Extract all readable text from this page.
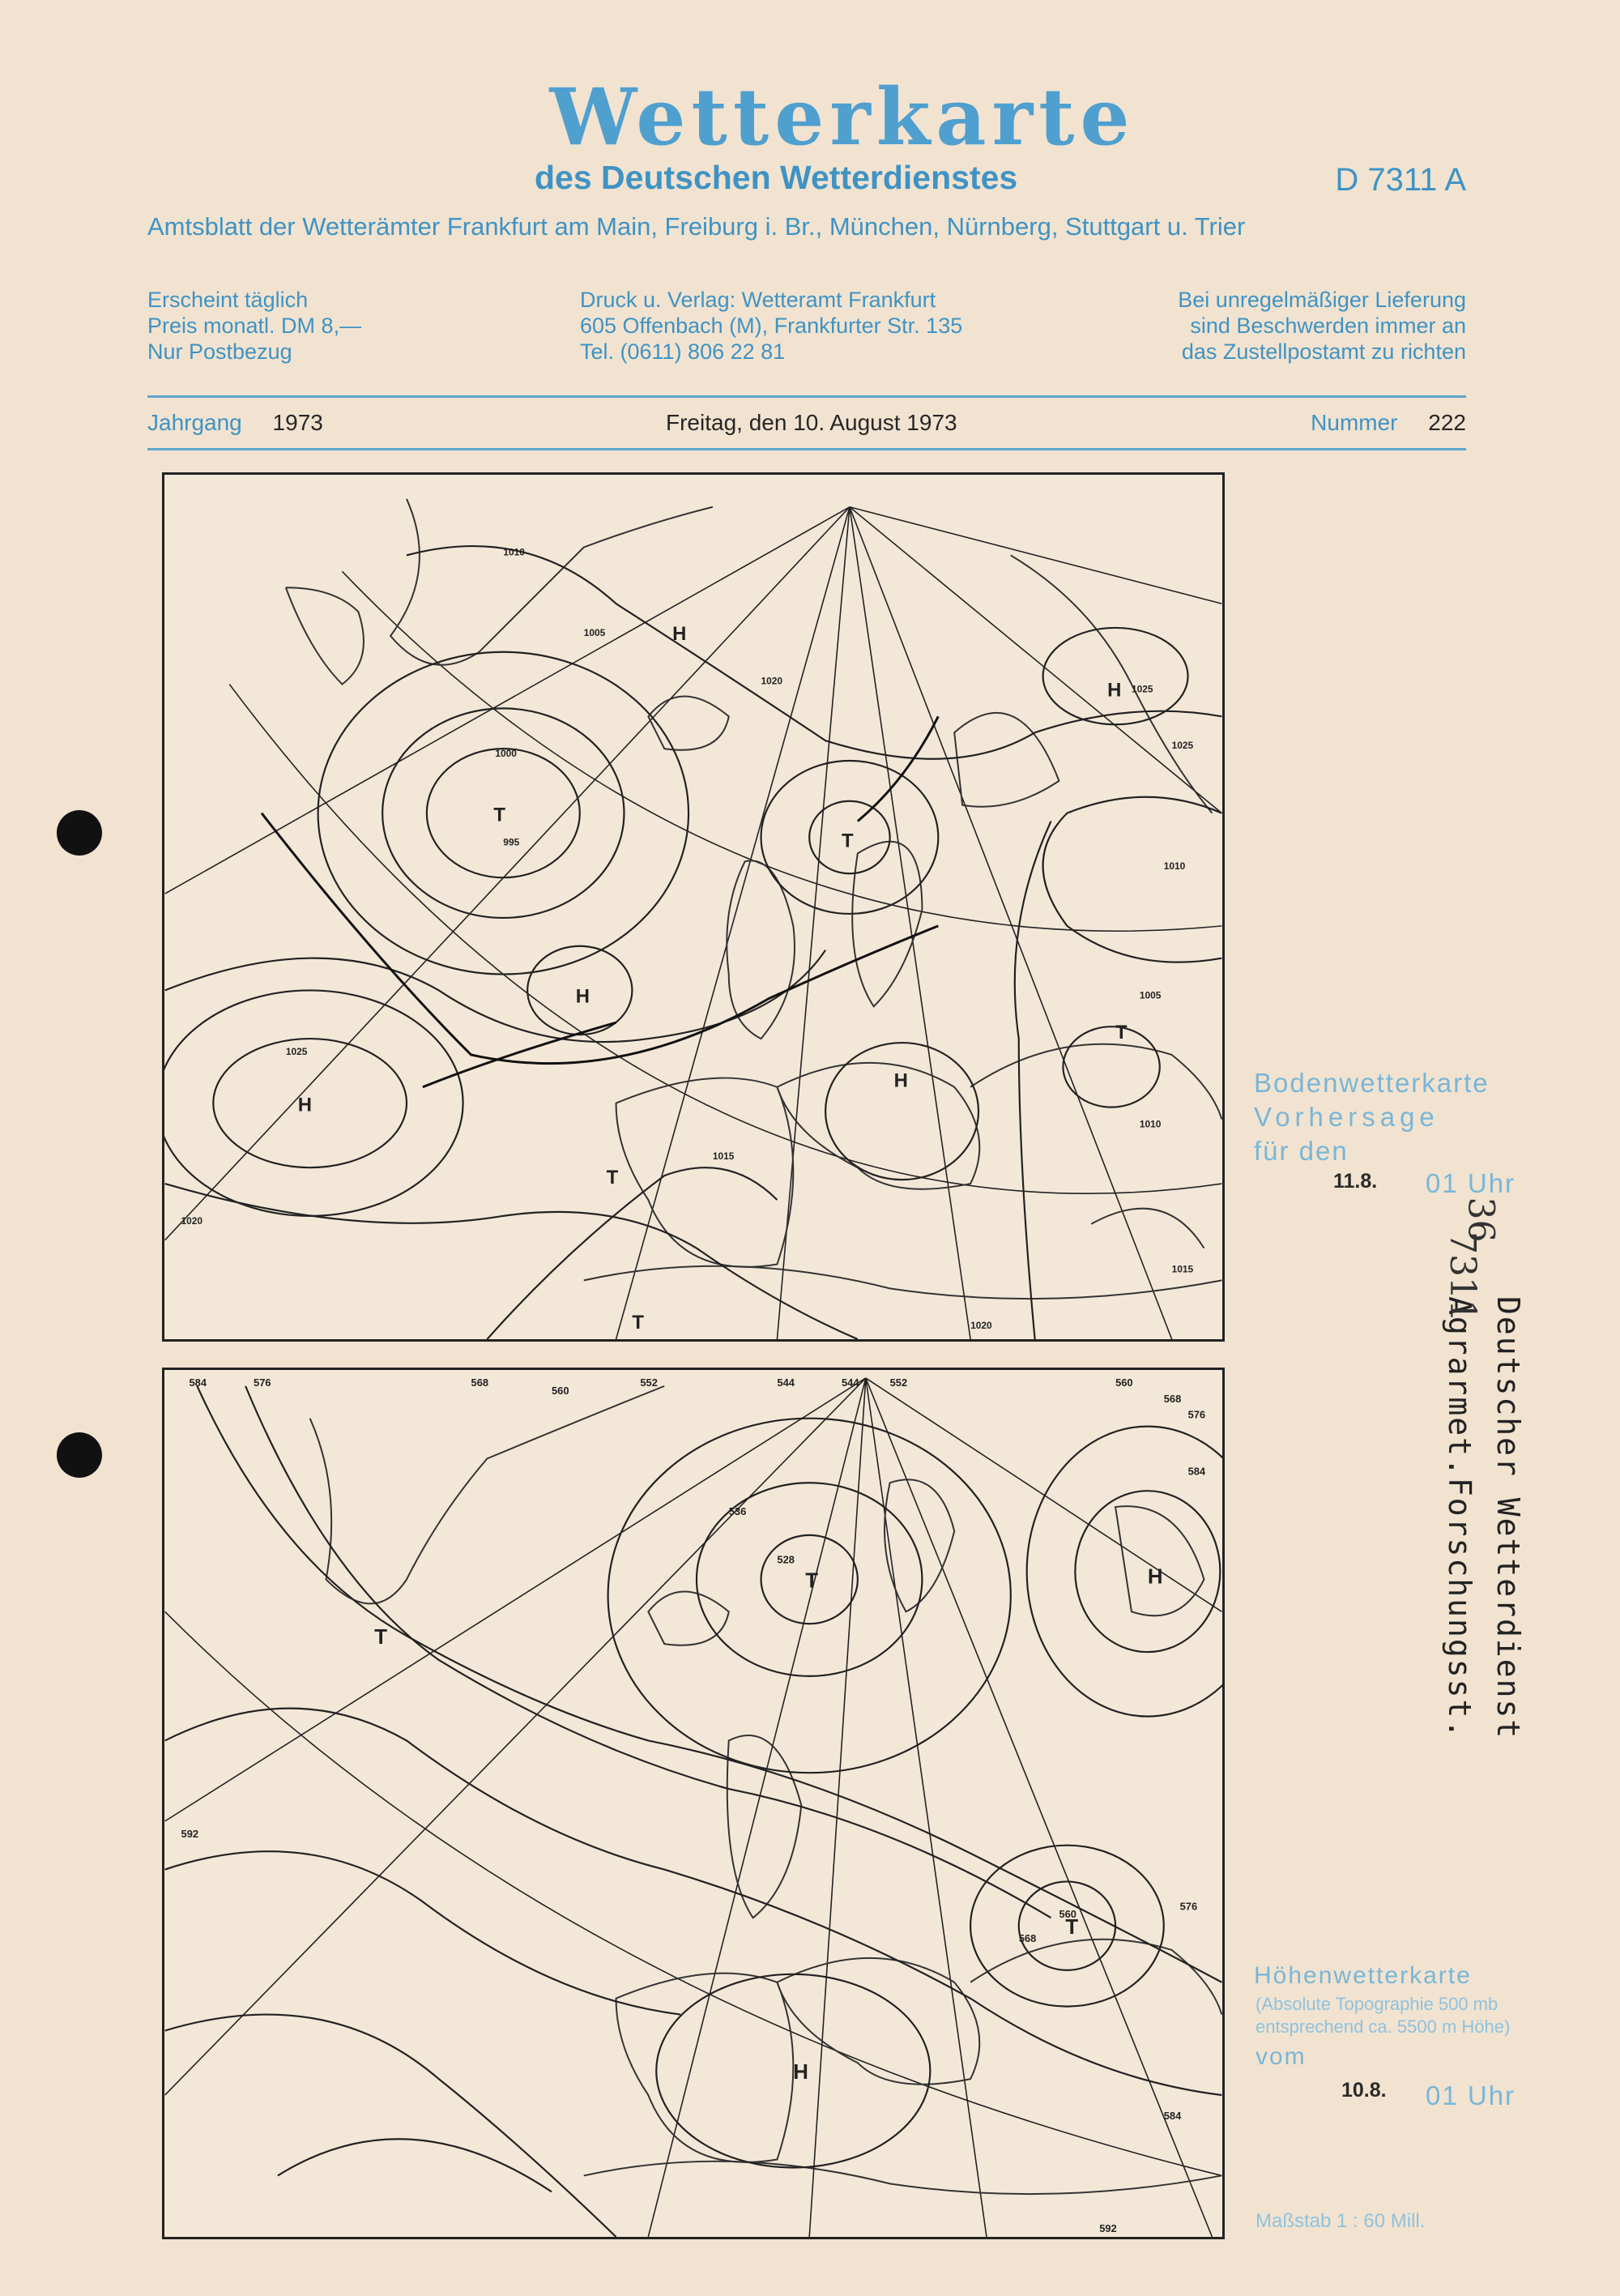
Wetterkarte
des Deutschen Wetterdienstes	D 7311 A
Amtsblatt der Wetterämter Frankfurt am Main, Freiburg i. Br., München, Nürnberg, Stuttgart u. Trier
Erscheint täglich
Preis monatl. DM 8,—
Nur Postbezug
Druck u. Verlag: Wetteramt Frankfurt
605 Offenbach (M), Frankfurter Str. 135
Tel. (0611) 806 22 81
Bei unregelmäßiger Lieferung
sind Beschwerden immer an
das Zustellpostamt zu richten
Jahrgang 1973	Freitag, den 10. August 1973	Nummer 222
H
H
H
H
H
T
T
T
T
T
1010
1005
1020
1025
1000
995
1025
1015
1025
1020
1010
1005
1010
1015
1020
584	576	568
560
552	544	544	552	560
568
576
584
536
528
592
560
568
576
584
592
H
H
T
T
T
Bodenwetterkarte
Vorhersage
für den
11.8. 01 Uhr
Höhenwetterkarte
(Absolute Topographie 500 mb
entsprechend ca. 5500 m Höhe)
vom
10.8. 01 Uhr
Maßstab 1 : 60 Mill.
Deutscher Wetterdienst
Agrarmet.Forschungsst.
36
7311
